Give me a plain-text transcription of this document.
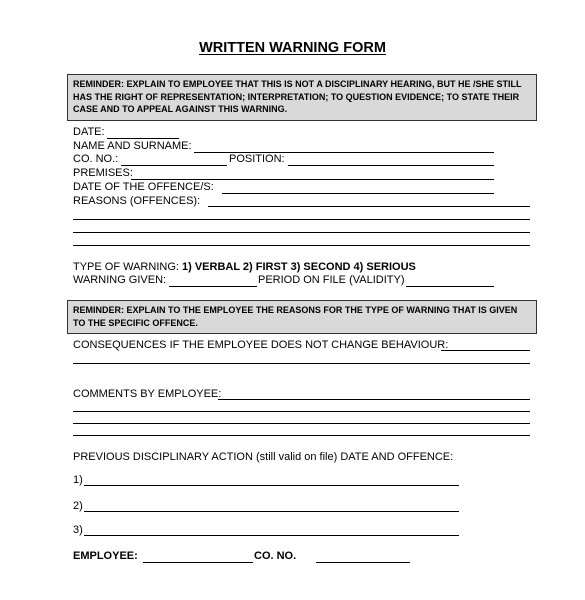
WRITTEN WARNING FORM
REMINDER: EXPLAIN TO EMPLOYEE THAT THIS IS NOT A DISCIPLINARY HEARING, BUT HE /SHE STILL HAS THE RIGHT OF REPRESENTATION; INTERPRETATION; TO QUESTION EVIDENCE; TO STATE THEIR CASE AND TO APPEAL AGAINST THIS WARNING.
DATE:
NAME AND SURNAME:
CO. NO.:	POSITION:
PREMISES:
DATE OF THE OFFENCE/S:
REASONS (OFFENCES):
TYPE OF WARNING: 1) VERBAL 2) FIRST 3) SECOND 4) SERIOUS
WARNING GIVEN:	PERIOD ON FILE (VALIDITY)
REMINDER: EXPLAIN TO THE EMPLOYEE THE REASONS FOR THE TYPE OF WARNING THAT IS GIVEN TO THE SPECIFIC OFFENCE.
CONSEQUENCES IF THE EMPLOYEE DOES NOT CHANGE BEHAVIOUR:
COMMENTS BY EMPLOYEE:
PREVIOUS DISCIPLINARY ACTION (still valid on file) DATE AND OFFENCE:
1)
2)
3)
EMPLOYEE:	CO. NO.
